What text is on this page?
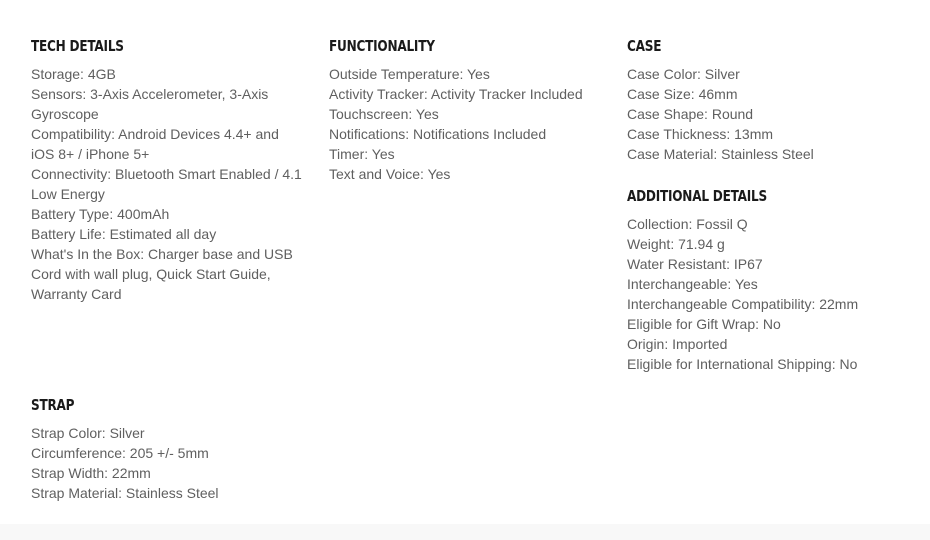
TECH DETAILS
Storage: 4GB
Sensors: 3-Axis Accelerometer, 3-Axis Gyroscope
Compatibility: Android Devices 4.4+ and iOS 8+ / iPhone 5+
Connectivity: Bluetooth Smart Enabled / 4.1 Low Energy
Battery Type: 400mAh
Battery Life: Estimated all day
What's In the Box: Charger base and USB Cord with wall plug, Quick Start Guide, Warranty Card
FUNCTIONALITY
Outside Temperature: Yes
Activity Tracker: Activity Tracker Included
Touchscreen: Yes
Notifications: Notifications Included
Timer: Yes
Text and Voice: Yes
CASE
Case Color: Silver
Case Size: 46mm
Case Shape: Round
Case Thickness: 13mm
Case Material: Stainless Steel
ADDITIONAL DETAILS
Collection: Fossil Q
Weight: 71.94 g
Water Resistant: IP67
Interchangeable: Yes
Interchangeable Compatibility: 22mm
Eligible for Gift Wrap: No
Origin: Imported
Eligible for International Shipping: No
STRAP
Strap Color: Silver
Circumference: 205 +/- 5mm
Strap Width: 22mm
Strap Material: Stainless Steel
